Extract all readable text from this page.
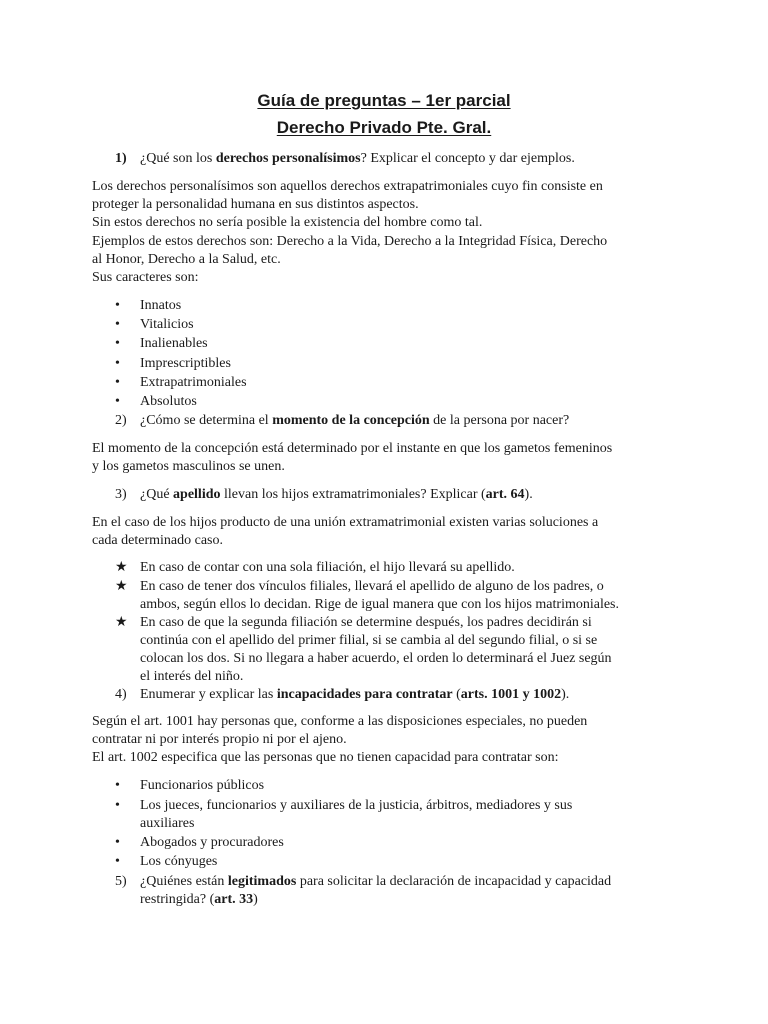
Guía de preguntas – 1er parcial
Derecho Privado Pte. Gral.
1) ¿Qué son los derechos personalísimos? Explicar el concepto y dar ejemplos.
Los derechos personalísimos son aquellos derechos extrapatrimoniales cuyo fin consiste en
proteger la personalidad humana en sus distintos aspectos.
Sin estos derechos no sería posible la existencia del hombre como tal.
Ejemplos de estos derechos son: Derecho a la Vida, Derecho a la Integridad Física, Derecho
al Honor, Derecho a la Salud, etc.
Sus caracteres son:
•	Innatos
•	Vitalicios
•	Inalienables
•	Imprescriptibles
•	Extrapatrimoniales
•	Absolutos
2) ¿Cómo se determina el momento de la concepción de la persona por nacer?
El momento de la concepción está determinado por el instante en que los gametos femeninos
y los gametos masculinos se unen.
3) ¿Qué apellido llevan los hijos extramatrimoniales? Explicar (art. 64).
En el caso de los hijos producto de una unión extramatrimonial existen varias soluciones a
cada determinado caso.
★ En caso de contar con una sola filiación, el hijo llevará su apellido.
★ En caso de tener dos vínculos filiales, llevará el apellido de alguno de los padres, o
ambos, según ellos lo decidan. Rige de igual manera que con los hijos matrimoniales.
★ En caso de que la segunda filiación se determine después, los padres decidirán si
continúa con el apellido del primer filial, si se cambia al del segundo filial, o si se
colocan los dos. Si no llegara a haber acuerdo, el orden lo determinará el Juez según
el interés del niño.
4) Enumerar y explicar las incapacidades para contratar (arts. 1001 y 1002).
Según el art. 1001 hay personas que, conforme a las disposiciones especiales, no pueden
contratar ni por interés propio ni por el ajeno.
El art. 1002 especifica que las personas que no tienen capacidad para contratar son:
•	Funcionarios públicos
•	Los jueces, funcionarios y auxiliares de la justicia, árbitros, mediadores y sus
auxiliares
•	Abogados y procuradores
•	Los cónyuges
5) ¿Quiénes están legitimados para solicitar la declaración de incapacidad y capacidad
restringida? (art. 33)
